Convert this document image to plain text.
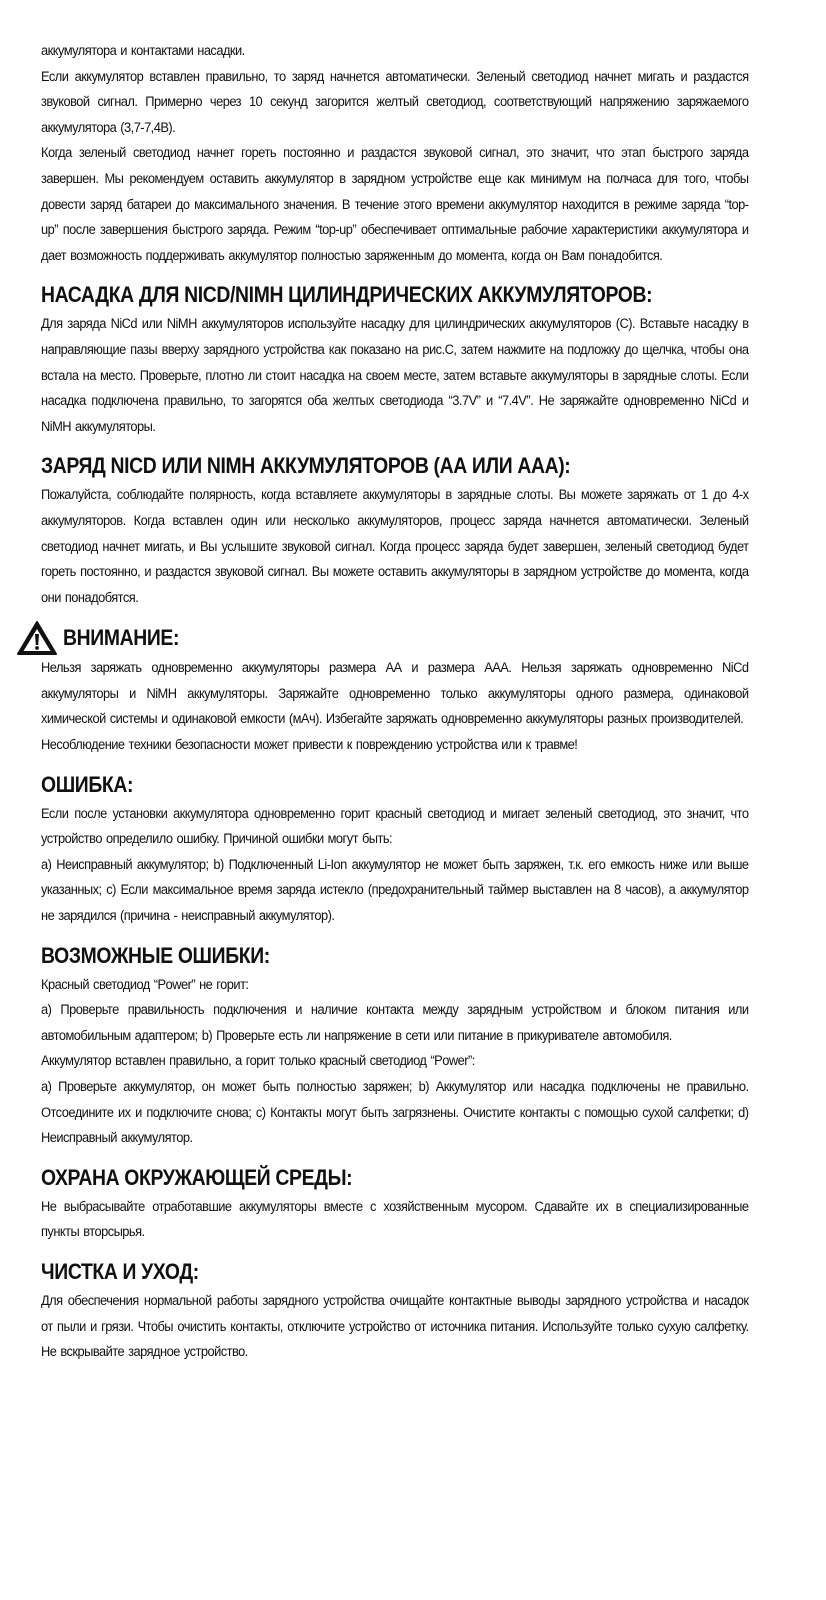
аккумулятора и контактами насадки.

Если аккумулятор вставлен правильно, то заряд начнется автоматически. Зеленый светодиод начнет мигать и раздастся звуковой сигнал. Примерно через 10 секунд загорится желтый светодиод, соответствующий напряжению заряжаемого аккумулятора (3,7-7,4В).

Когда зеленый светодиод начнет гореть постоянно и раздастся звуковой сигнал, это значит, что этап быстрого заряда завершен. Мы рекомендуем оставить аккумулятор в зарядном устройстве еще как минимум на полчаса для того, чтобы довести заряд батареи до максимального значения. В течение этого времени аккумулятор находится в режиме заряда “top-up” после завершения быстрого заряда. Режим “top-up” обеспечивает оптимальные рабочие характеристики аккумулятора и дает возможность поддерживать аккумулятор полностью заряженным до момента, когда он Вам понадобится.

НАСАДКА ДЛЯ NICD/NIMH ЦИЛИНДРИЧЕСКИХ АККУМУЛЯТОРОВ:

Для заряда NiCd или NiMH аккумуляторов используйте насадку для цилиндрических аккумуляторов (С). Вставьте насадку в направляющие пазы вверху зарядного устройства как показано на рис.С, затем нажмите на подложку до щелчка, чтобы она встала на место. Проверьте, плотно ли стоит насадка на своем месте, затем вставьте аккумуляторы в зарядные слоты. Если насадка подключена правильно, то загорятся оба желтых светодиода “3.7V” и “7.4V”. Не заряжайте одновременно NiCd и NiMH аккумуляторы.

ЗАРЯД NICD ИЛИ NIMH АККУМУЛЯТОРОВ (АА ИЛИ ААА):

Пожалуйста, соблюдайте полярность, когда вставляете аккумуляторы в зарядные слоты. Вы можете заряжать от 1 до 4-х аккумуляторов. Когда вставлен один или несколько аккумуляторов, процесс заряда начнется автоматически. Зеленый светодиод начнет мигать, и Вы услышите звуковой сигнал. Когда процесс заряда будет завершен, зеленый светодиод будет гореть постоянно, и раздастся звуковой сигнал. Вы можете оставить аккумуляторы в зарядном устройстве до момента, когда они понадобятся.

ВНИМАНИЕ:

Нельзя заряжать одновременно аккумуляторы размера АА и размера ААА. Нельзя заряжать одновременно NiCd аккумуляторы и NiMH аккумуляторы. Заряжайте одновременно только аккумуляторы одного размера, одинаковой химической системы и одинаковой емкости (мАч). Избегайте заряжать одновременно аккумуляторы разных производителей.

Несоблюдение техники безопасности может привести к повреждению устройства или к травме!

ОШИБКА:

Если после установки аккумулятора одновременно горит красный светодиод и мигает зеленый светодиод, это значит, что устройство определило ошибку. Причиной ошибки могут быть:

a) Неисправный аккумулятор; b) Подключенный Li-Ion аккумулятор не может быть заряжен, т.к. его емкость ниже или выше указанных; c) Если максимальное время заряда истекло (предохранительный таймер выставлен на 8 часов), а аккумулятор не зарядился (причина - неисправный аккумулятор).

ВОЗМОЖНЫЕ ОШИБКИ:

Красный светодиод “Power” не горит:

a) Проверьте правильность подключения и наличие контакта между зарядным устройством и блоком питания или автомобильным адаптером; b) Проверьте есть ли напряжение в сети или питание в прикуривателе автомобиля.

Аккумулятор вставлен правильно, а горит только красный светодиод “Power”:

a) Проверьте аккумулятор, он может быть полностью заряжен; b) Аккумулятор или насадка подключены не правильно. Отсоедините их и подключите снова; c) Контакты могут быть загрязнены. Очистите контакты с помощью сухой салфетки; d) Неисправный аккумулятор.

ОХРАНА ОКРУЖАЮЩЕЙ СРЕДЫ:

Не выбрасывайте отработавшие аккумуляторы вместе с хозяйственным мусором. Сдавайте их в специализированные пункты вторсырья.

ЧИСТКА И УХОД:

Для обеспечения нормальной работы зарядного устройства очищайте контактные выводы зарядного устройства и насадок от пыли и грязи. Чтобы очистить контакты, отключите устройство от источника питания. Используйте только сухую салфетку. Не вскрывайте зарядное устройство.
